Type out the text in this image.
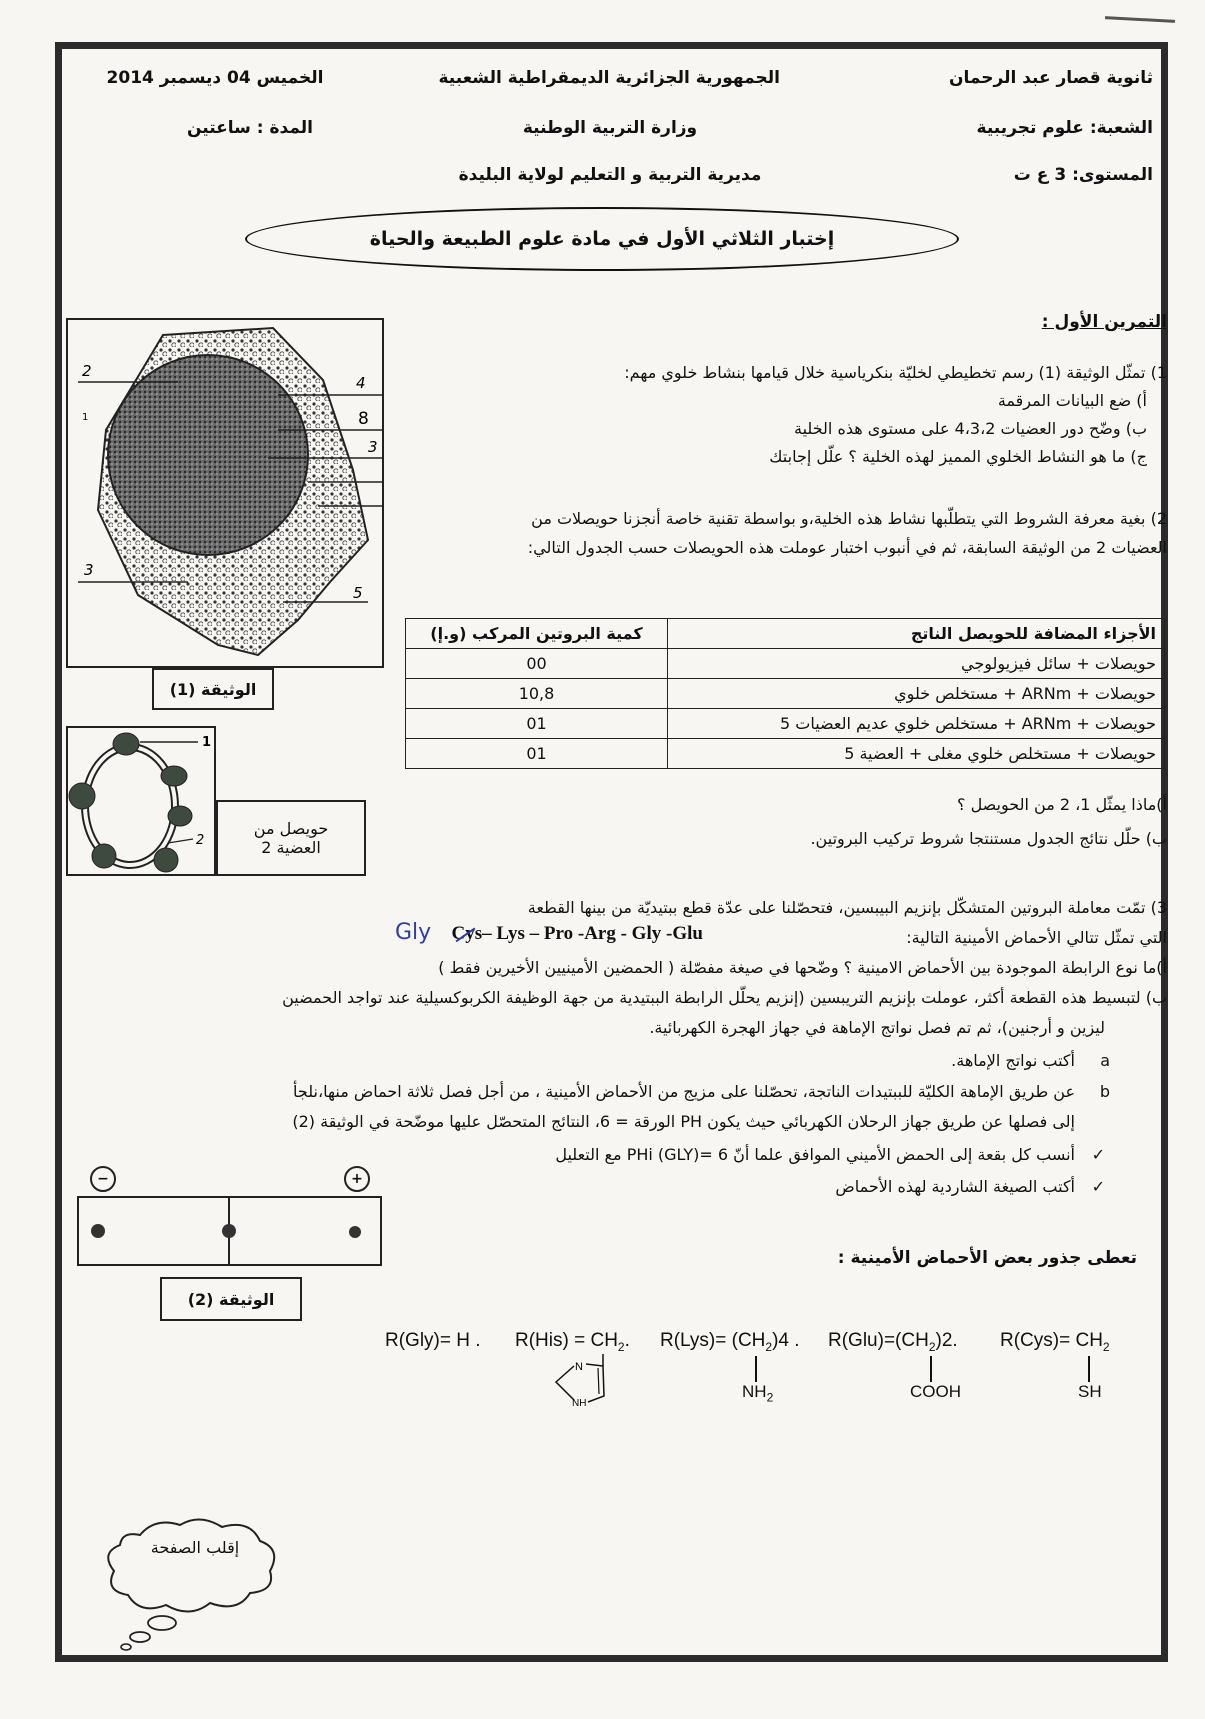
ثانوية قصار عبد الرحمان
الشعبة: علوم تجريبية
المستوى: 3 ع ت
الجمهورية الجزائرية الديمقراطية الشعبية
وزارة التربية الوطنية
مديرية التربية و التعليم لولاية البليدة
الخميس 04 ديسمبر 2014
المدة : ساعتين
إختبار الثلاثي الأول في مادة علوم الطبيعة والحياة
التمرين الأول :
1) تمثّل الوثيقة (1) رسم تخطيطي لخليّة بنكرياسية خلال قيامها بنشاط خلوي مهم:
أ) ضع البيانات المرقمة
ب) وضّح دور العضيات 4،3،2 على مستوى هذه الخلية
ج) ما هو النشاط الخلوي المميز لهذه الخلية ؟ علّل إجابتك
2) بغية معرفة الشروط التي يتطلّبها نشاط هذه الخلية،و بواسطة تقنية خاصة أنجزنا حويصلات من
العضيات 2 من الوثيقة السابقة، ثم في أنبوب اختبار عوملت هذه الحويصلات حسب الجدول التالي:
الأجزاء المضافة للحويصل الناتج	كمية البروتين المركب (و.إ)
حويصلات + سائل فيزيولوجي	00
حويصلات + ARNm + مستخلص خلوي	10,8
حويصلات + ARNm + مستخلص خلوي عديم العضيات 5	01
حويصلات + مستخلص خلوي مغلى + العضية 5	01
أ)ماذا يمثّل 1، 2 من الحويصل ؟
ب) حلّل نتائج الجدول مستنتجا شروط تركيب البروتين.
3) تمّت معاملة البروتين المتشكّل بإنزيم البيبسين، فتحصّلنا على عدّة قطع ببتيديّة من بينها القطعة
التي تمثّل تتالي الأحماض الأمينية التالية:
Gly Cys– Lys – Pro -Arg - Gly -Glu
أ)ما نوع الرابطة الموجودة بين الأحماض الامينية ؟ وضّحها في صيغة مفصّلة ( الحمضين الأمينيين الأخيرين فقط )
ب) لتبسيط هذه القطعة أكثر، عوملت بإنزيم التريبسين (إنزيم يحلّل الرابطة الببتيدية من جهة الوظيفة الكربوكسيلية عند تواجد الحمضين
ليزين و أرجنين)، ثم تم فصل نواتج الإماهة في جهاز الهجرة الكهربائية.
a
أكتب نواتج الإماهة.
b
عن طريق الإماهة الكليّة للببتيدات الناتجة، تحصّلنا على مزيج من الأحماض الأمينية ، من أجل فصل ثلاثة احماض منها،نلجأ
إلى فصلها عن طريق جهاز الرحلان الكهربائي حيث يكون PH الورقة = 6، النتائج المتحصّل عليها موضّحة في الوثيقة (2)
✓
أنسب كل بقعة إلى الحمض الأميني الموافق علما أنّ PHi (GLY)= 6 مع التعليل
✓
أكتب الصيغة الشاردية لهذه الأحماض
تعطى جذور بعض الأحماض الأمينية :
R(Gly)= H . $R(His) = CH_2$.
N
NH
$R(Lys)= (CH_2)4$ .
$NH_2$
$R(Glu)=(CH_2)2$.
COOH
$R(Cys)= CH_2$
SH
2
4
8
3
1
3
5
الوثيقة (1)
1
2
حويصل من
العضية 2
−	+
الوثيقة (2)
إقلب الصفحة
